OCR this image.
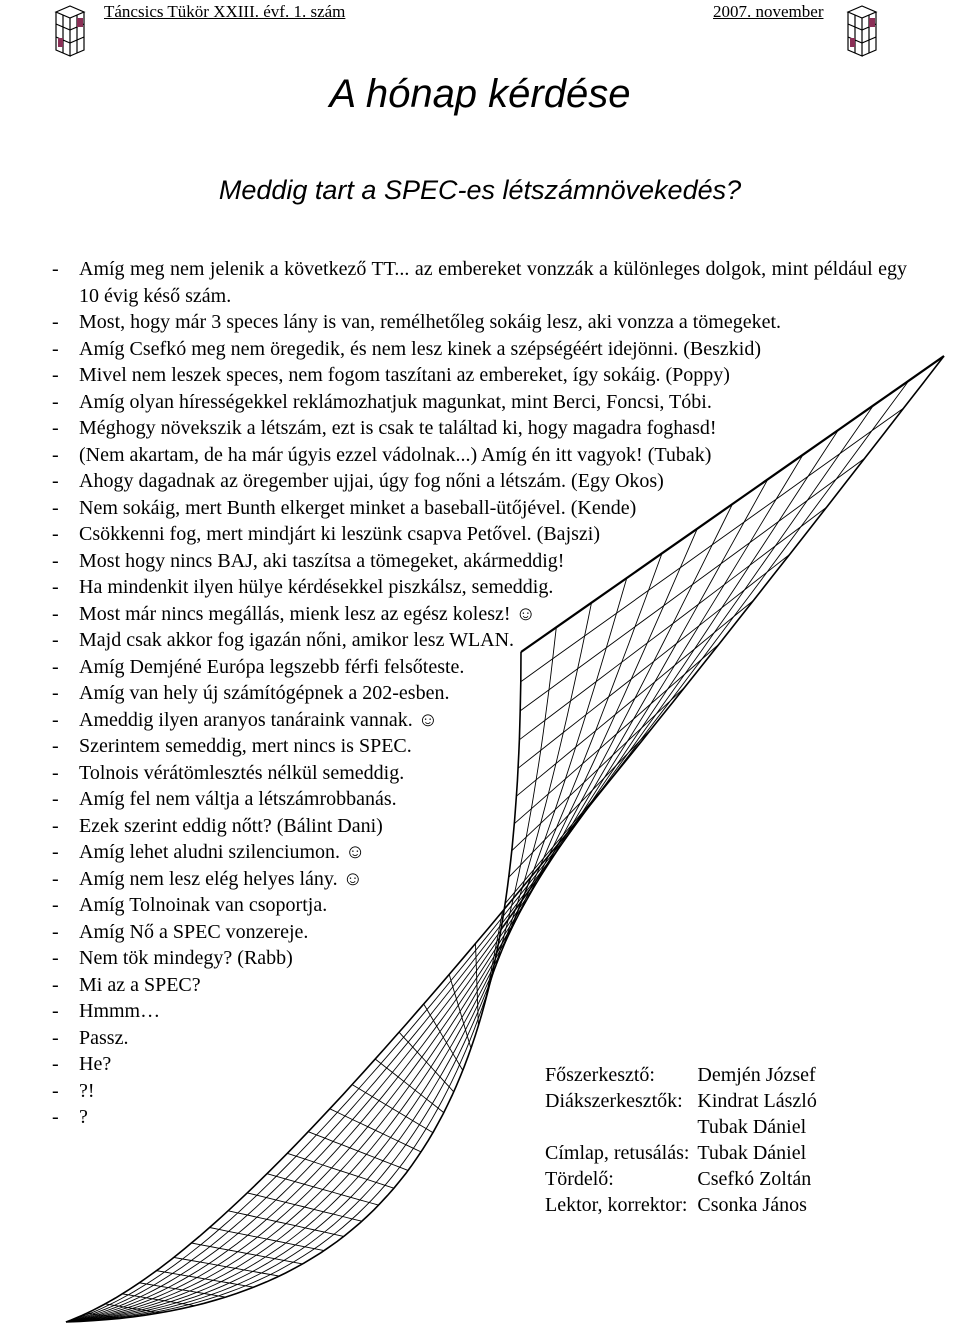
Táncsics Tükör XXIII. évf. 1. szám	2007. november
A hónap kérdése
Meddig tart a SPEC-es létszámnövekedés?
- Amíg meg nem jelenik a következő TT... az embereket vonzzák a különleges dolgok, mint például egy 10 évig késő szám.
- Most, hogy már 3 speces lány is van, remélhetőleg sokáig lesz, aki vonzza a tömegeket.
- Amíg Csefkó meg nem öregedik, és nem lesz kinek a szépségéért idejönni. (Beszkid)
- Mivel nem leszek speces, nem fogom taszítani az embereket, így sokáig. (Poppy)
- Amíg olyan hírességekkel reklámozhatjuk magunkat, mint Berci, Foncsi, Tóbi.
- Méghogy növekszik a létszám, ezt is csak te találtad ki, hogy magadra foghasd!
- (Nem akartam, de ha már úgyis ezzel vádolnak...) Amíg én itt vagyok! (Tubak)
- Ahogy dagadnak az öregember ujjai, úgy fog nőni a létszám. (Egy Okos)
- Nem sokáig, mert Bunth elkerget minket a baseball-ütőjével. (Kende)
- Csökkenni fog, mert mindjárt ki leszünk csapva Petővel. (Bajszi)
- Most hogy nincs BAJ, aki taszítsa a tömegeket, akármeddig!
- Ha mindenkit ilyen hülye kérdésekkel piszkálsz, semeddig.
- Most már nincs megállás, mienk lesz az egész kolesz! ☺
- Majd csak akkor fog igazán nőni, amikor lesz WLAN.
- Amíg Demjéné Európa legszebb férfi felsőteste.
- Amíg van hely új számítógépnek a 202-esben.
- Ameddig ilyen aranyos tanáraink vannak. ☺
- Szerintem semeddig, mert nincs is SPEC.
- Tolnois vérátömlesztés nélkül semeddig.
- Amíg fel nem váltja a létszámrobbanás.
- Ezek szerint eddig nőtt? (Bálint Dani)
- Amíg lehet aludni szilenciumon. ☺
- Amíg nem lesz elég helyes lány. ☺
- Amíg Tolnoinak van csoportja.
- Amíg Nő a SPEC vonzereje.
- Nem tök mindegy? (Rabb)
- Mi az a SPEC?
- Hmmm…
- Passz.
- He?
- ?!
- ?
Főszerkesztő:	Demjén József
Diákszerkesztők:	Kindrat László
	Tubak Dániel
Címlap, retusálás:	Tubak Dániel
Tördelő:	Csefkó Zoltán
Lektor, korrektor:	Csonka János
